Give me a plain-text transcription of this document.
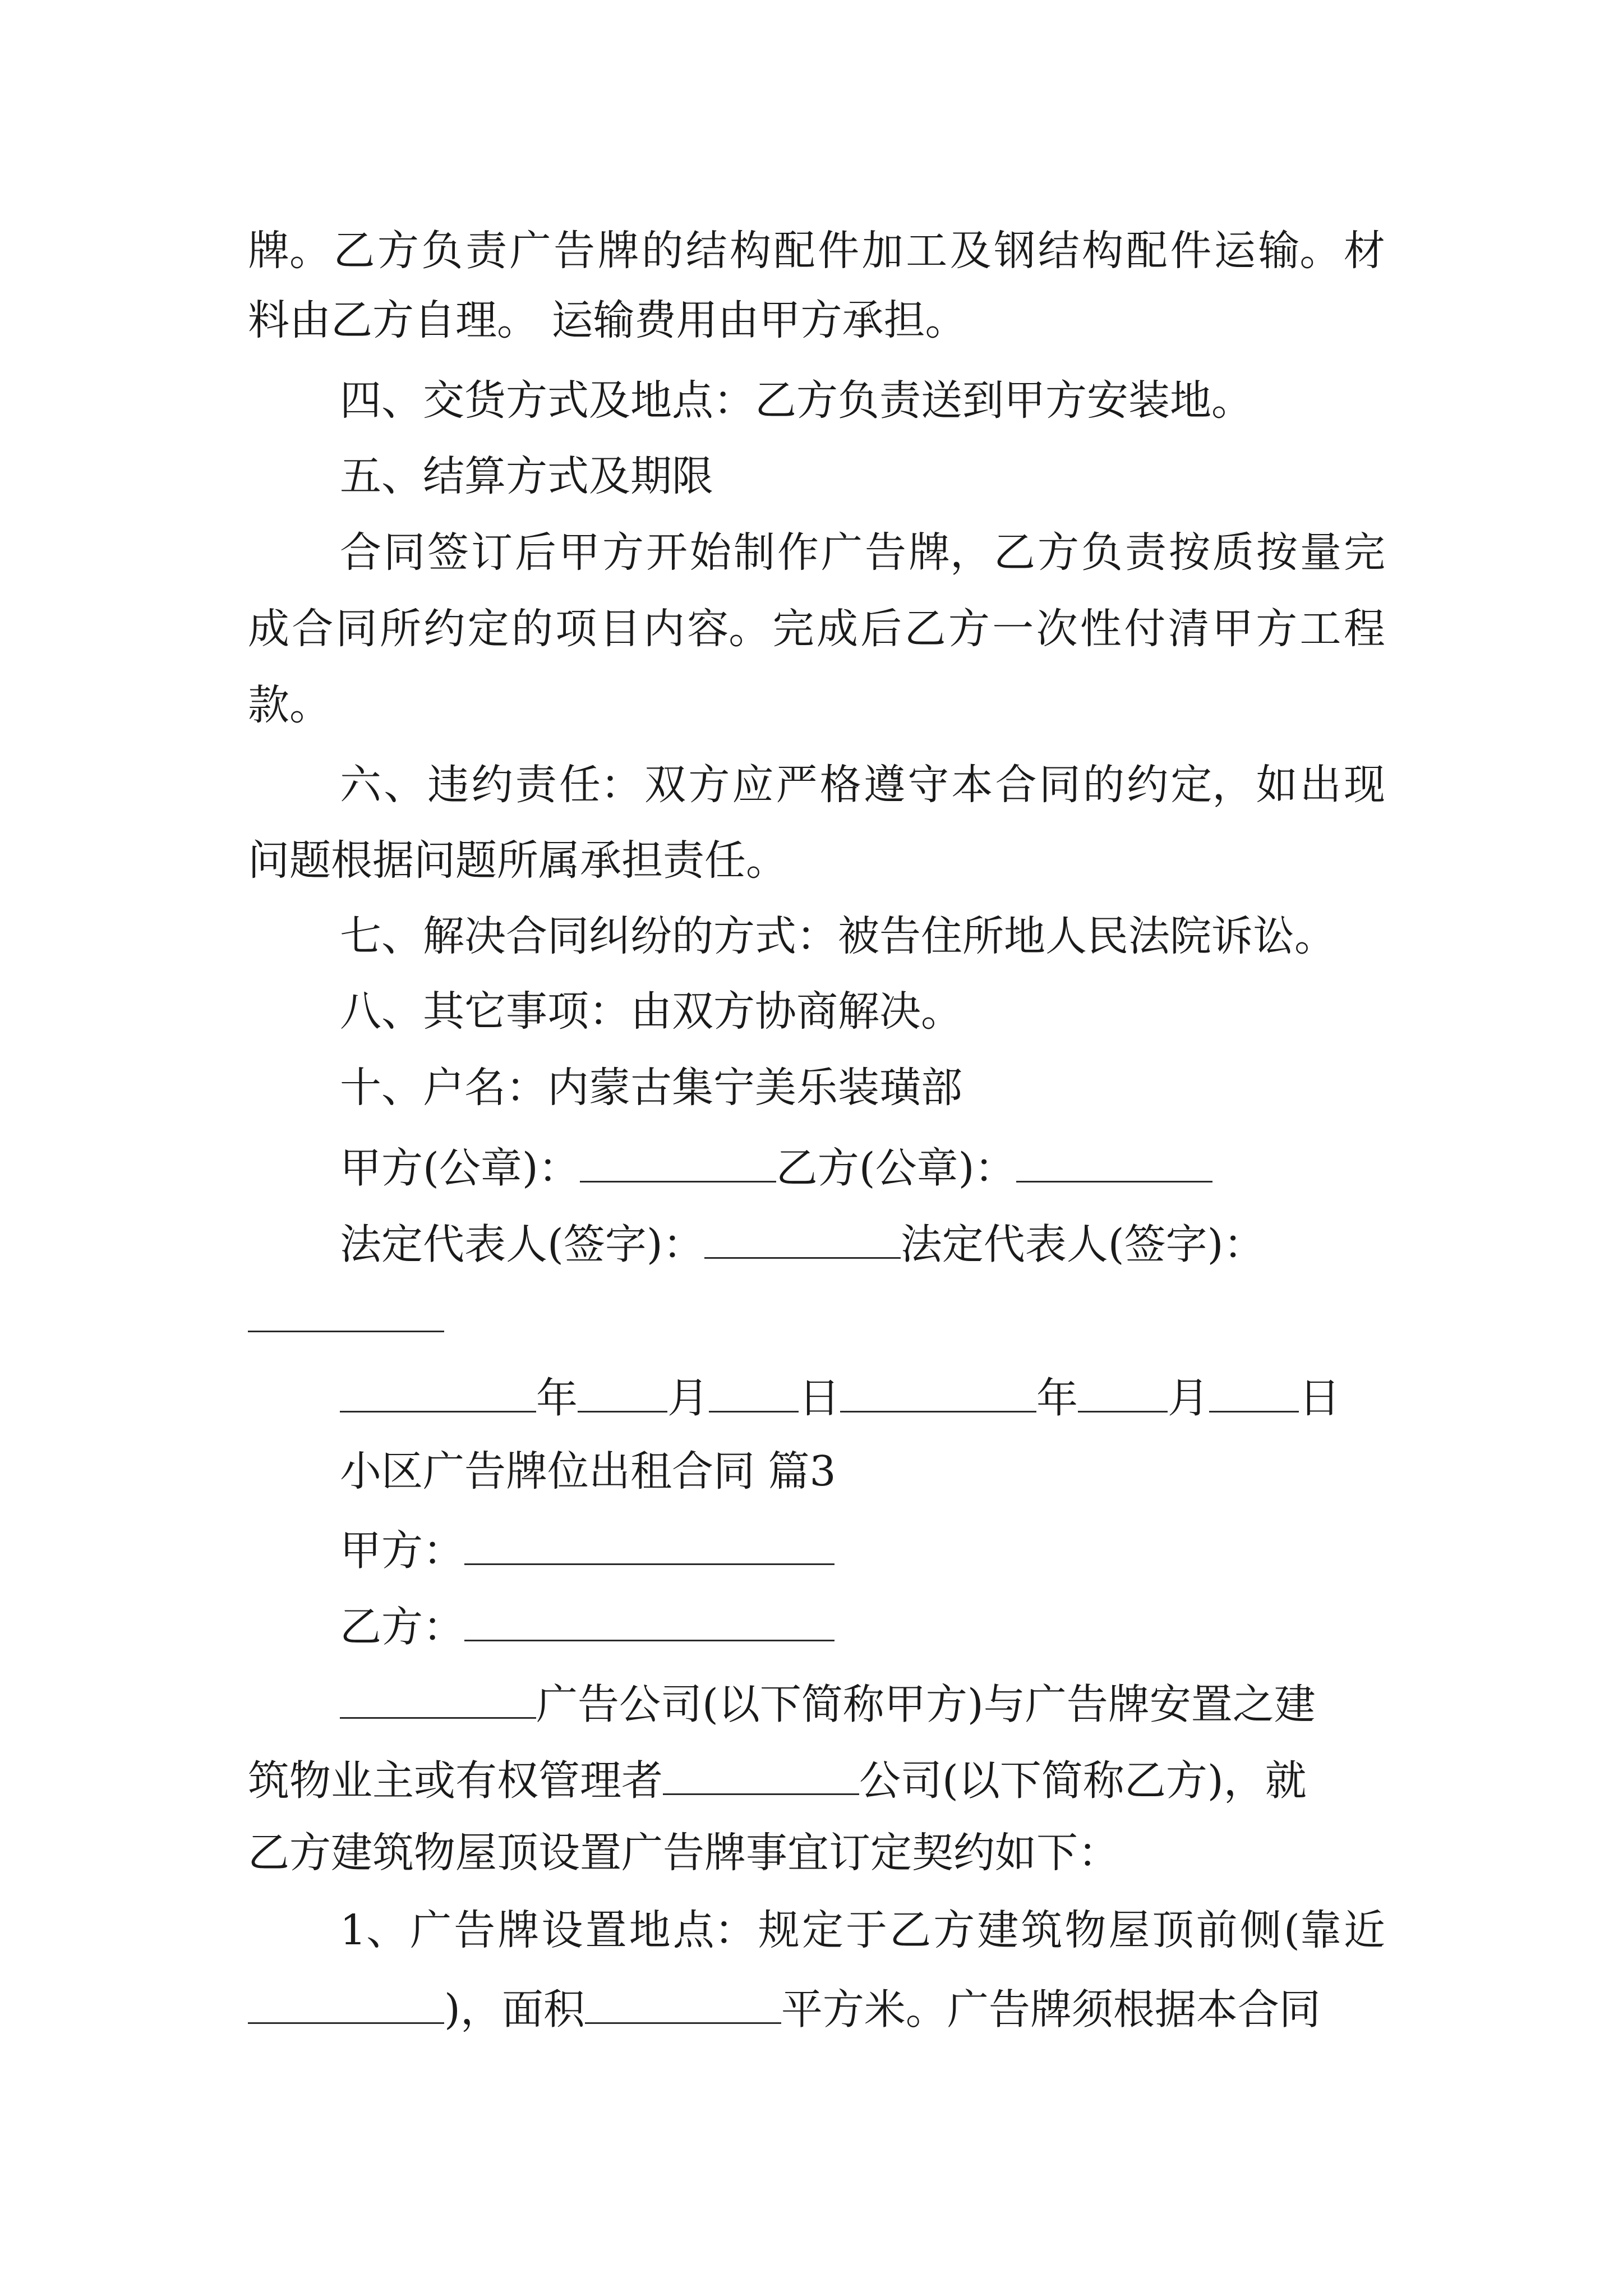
牌。 乙 方 负 责 广 告 牌 的 结 构 配 件 加 工 及 钢 结 构 配 件 运 输。 材
料由乙方自理。 运输费用由甲方承担。
四、交货方式及地点：乙方负责送到甲方安装地。
五、结算方式及期限
合 同 签 订 后 甲 方 开 始 制 作 广 告 牌， 乙 方 负 责 按 质 按 量 完
成 合 同 所 约 定 的 项 目 内 容。 完 成 后 乙 方 一 次 性 付 清 甲 方 工 程
款。
六 、 违 约 责 任： 双 方 应 严 格 遵 守 本 合 同 的 约 定， 如 出 现
问题根据问题所属承担责任。
七、解决合同纠纷的方式：被告住所地人民法院诉讼。
八、其它事项：由双方协商解决。
十、户名：内蒙古集宁美乐装璜部
甲方(公章)：	乙方(公章)：
法定代表人(签字)：	法定代表人(签字)：
年 月 日	年 月 日
小区广告牌位出租合同 篇3
甲方：
乙方：
广告公司(以下简称甲方)与广告牌安置之建
筑物业主或有权管理者	公司(以下简称乙方)，就
乙方建筑物屋顶设置广告牌事宜订定契约如下：
1、 广 告 牌 设 置 地 点： 规 定 于 乙 方 建 筑 物 屋 顶 前 侧 (靠 近
)，面积	平方米。广告牌须根据本合同
